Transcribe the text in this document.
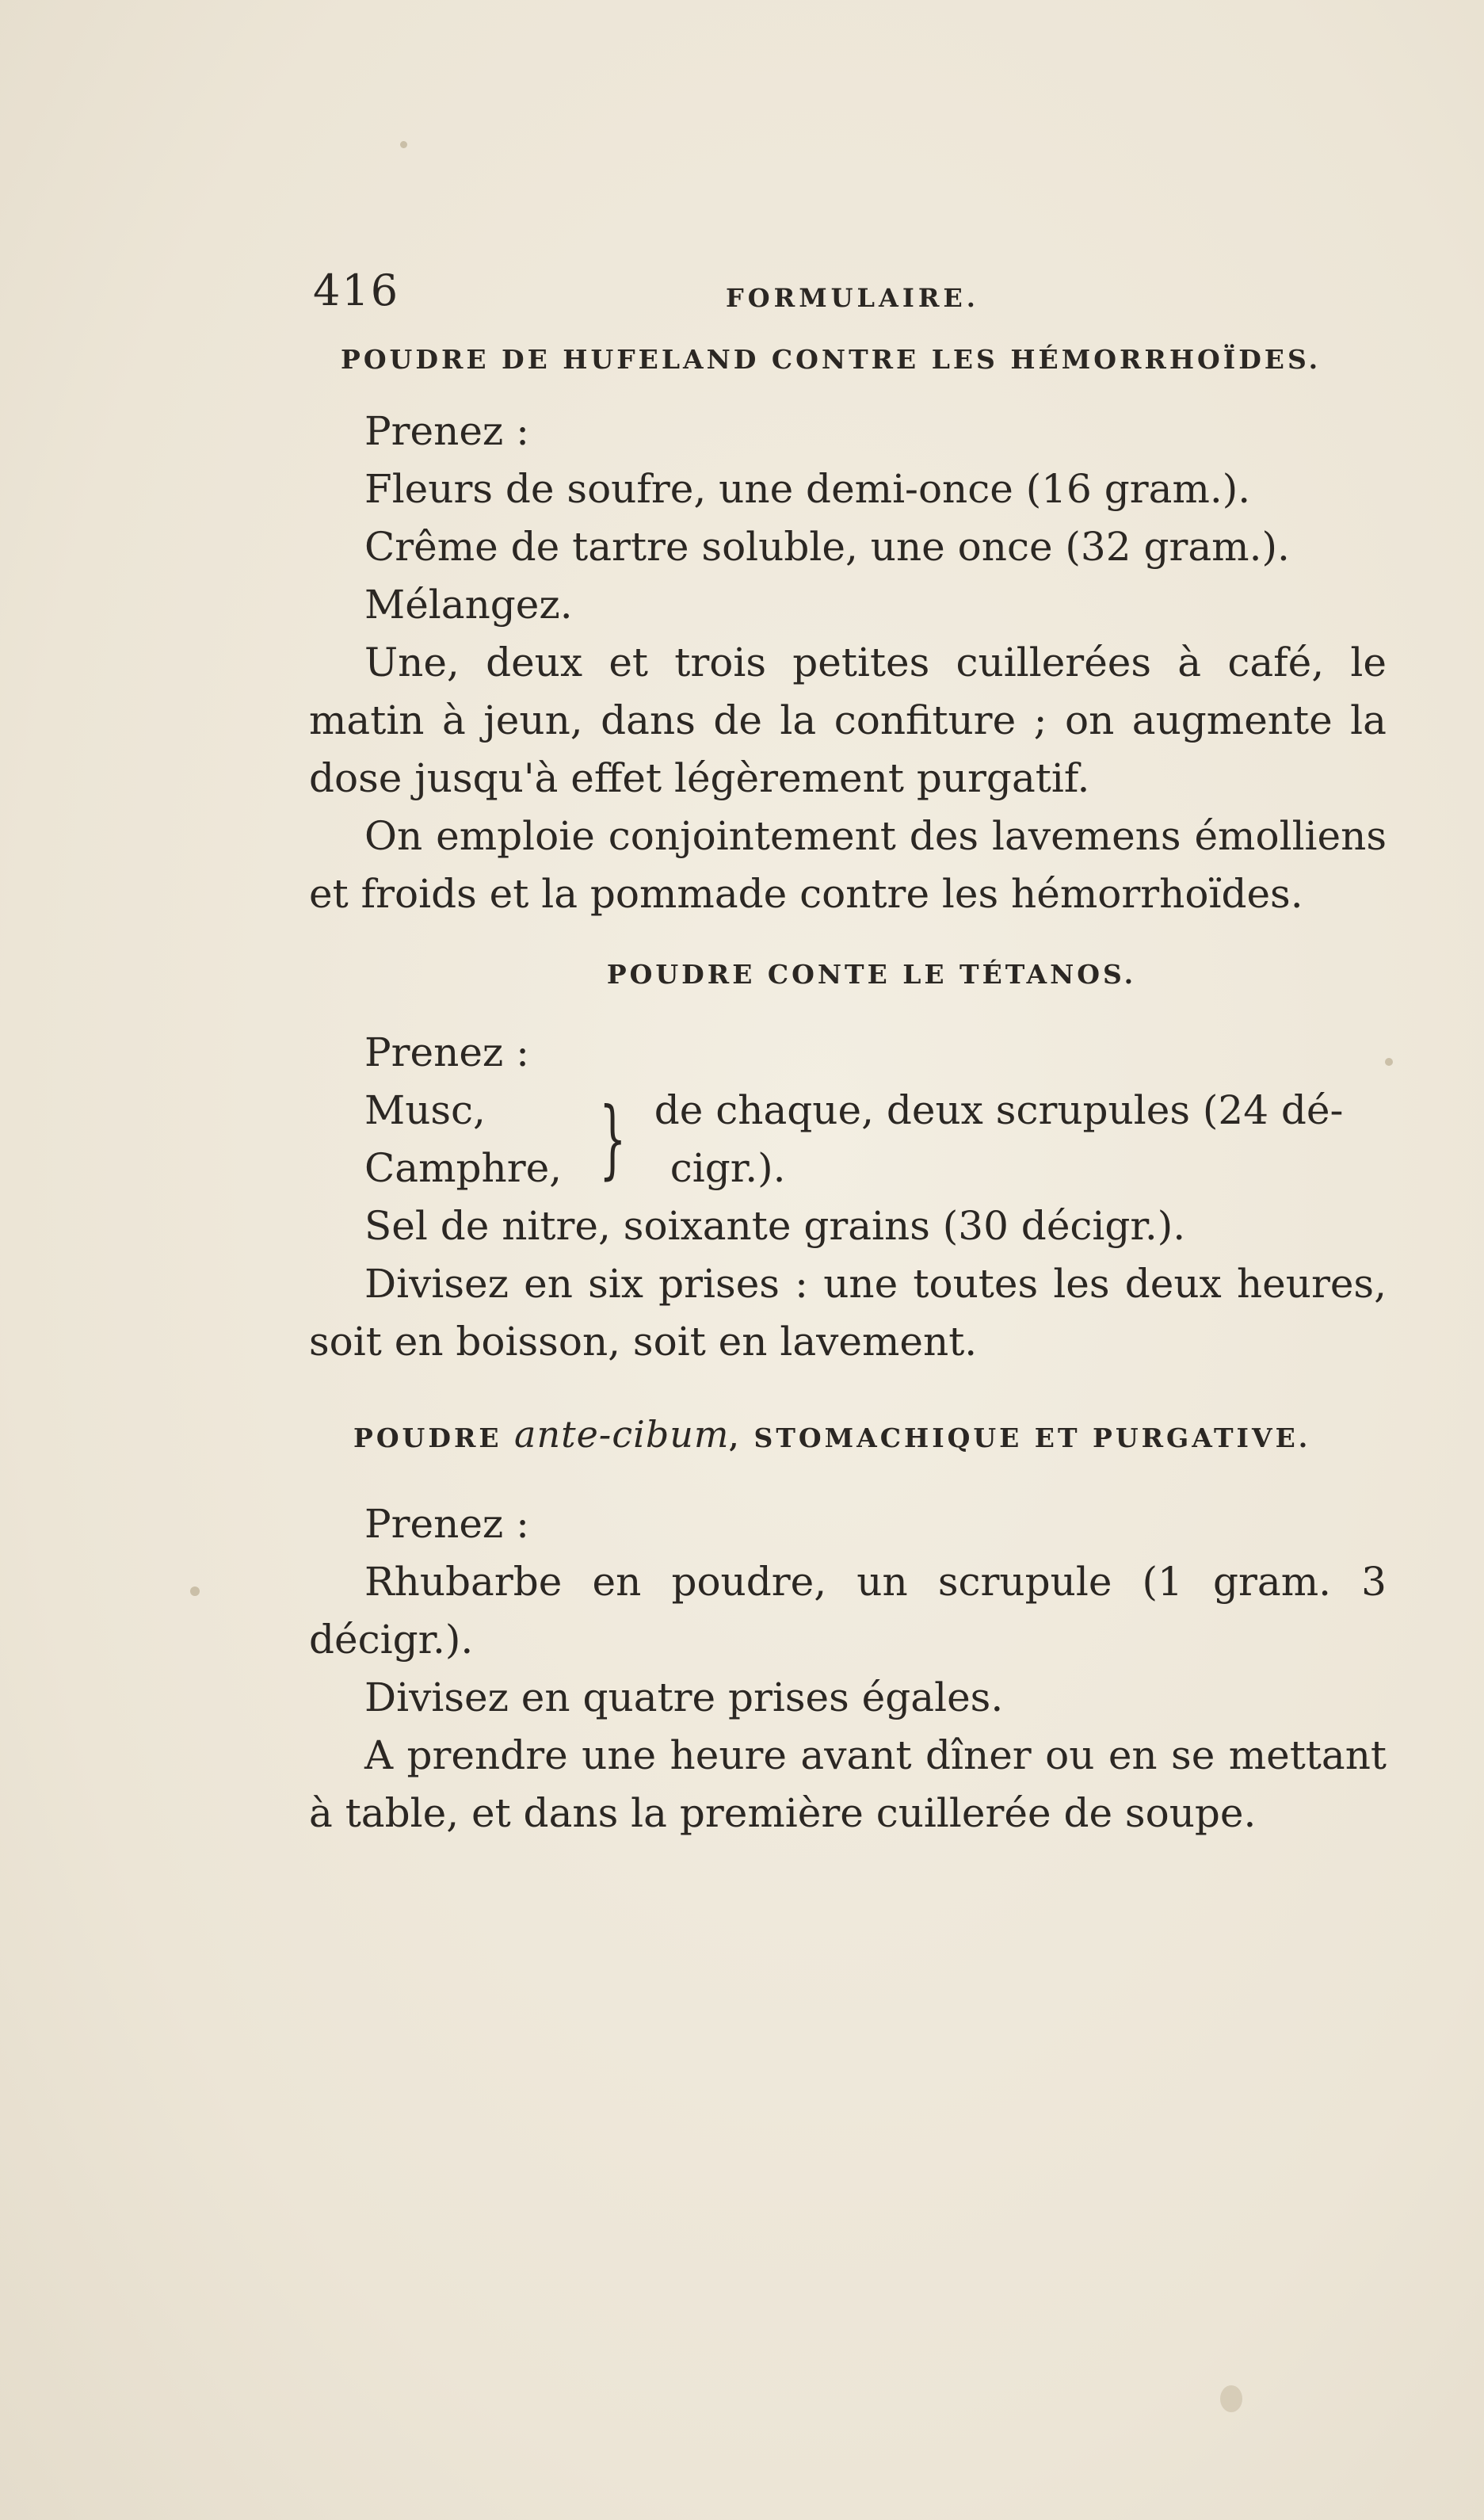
416	FORMULAIRE.
POUDRE DE HUFELAND CONTRE LES HÉMORRHOÏDES.

Prenez :

Fleurs de soufre, une demi-once (16 gram.).

Crême de tartre soluble, une once (32 gram.).

Mélangez.

Une, deux et trois petites cuillerées à café, le matin à jeun, dans de la confiture ; on augmente la dose jusqu'à effet légèrement purgatif.

On emploie conjointement des lavemens émolliens et froids et la pommade contre les hémorrhoïdes.

POUDRE CONTE LE TÉTANOS.

Prenez :

Musc,
Camphre, } de chaque, deux scrupules (24 dé-
cigr.).

Sel de nitre, soixante grains (30 décigr.).

Divisez en six prises : une toutes les deux heures, soit en boisson, soit en lavement.

POUDRE ante-cibum, STOMACHIQUE ET PURGATIVE.

Prenez :

Rhubarbe en poudre, un scrupule (1 gram. 3 décigr.).

Divisez en quatre prises égales.

A prendre une heure avant dîner ou en se mettant à table, et dans la première cuillerée de soupe.
